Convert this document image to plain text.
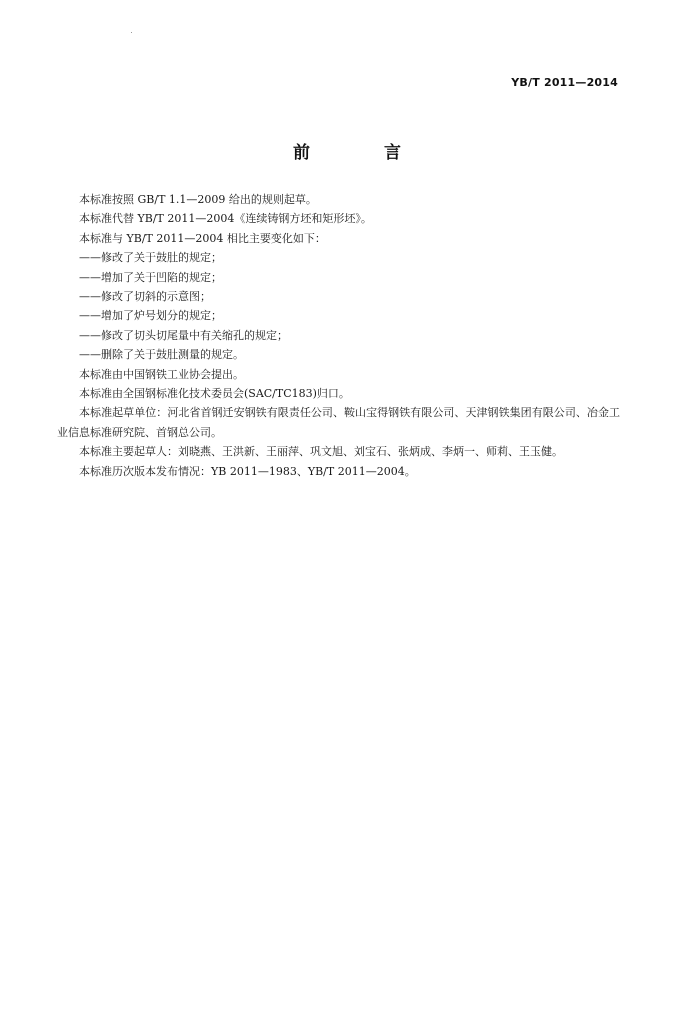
YB/T 2011—2014
前 言

本标准按照 GB/T 1.1—2009 给出的规则起草。

本标准代替 YB/T 2011—2004《连续铸钢方坯和矩形坯》。

本标准与 YB/T 2011—2004 相比主要变化如下：

——修改了关于鼓肚的规定；

——增加了关于凹陷的规定；

——修改了切斜的示意图；

——增加了炉号划分的规定；

——修改了切头切尾量中有关缩孔的规定；

——删除了关于鼓肚测量的规定。

本标准由中国钢铁工业协会提出。

本标准由全国钢标准化技术委员会(SAC/TC183)归口。

本标准起草单位：河北省首钢迁安钢铁有限责任公司、鞍山宝得钢铁有限公司、天津钢铁集团有限公司、冶金工业信息标准研究院、首钢总公司。

本标准主要起草人：刘晓燕、王洪新、王丽萍、巩文旭、刘宝石、张炳成、李炳一、师莉、王玉健。

本标准历次版本发布情况：YB 2011—1983、YB/T 2011—2004。
